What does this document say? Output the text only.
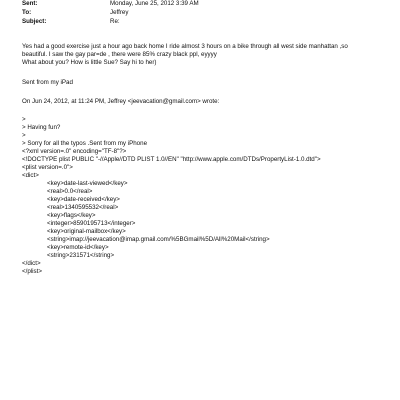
Sent:	Monday, June 25, 2012 3:39 AM
To:	Jeffrey
Subject:	Re:
Yes had a good exercise just a hour ago back home I ride almost 3 hours on a bike through all west side manhattan ,so
beautiful. I saw the gay par=de , there were 85% crazy black ppl, eyyyy
What about you? How is little Sue? Say hi to her)
Sent from my iPad
On Jun 24, 2012, at 11:24 PM, Jeffrey <jeevacation@gmail.com> wrote:
>
> Having fun?
>
> Sorry for all the typos .Sent from my iPhone
<?xml version=.0" encoding="TF-8"?>
<!DOCTYPE plist PUBLIC "-//Apple//DTD PLIST 1.0//EN" "http://www.apple.com/DTDs/PropertyList-1.0.dtd">
<plist version=.0">
<dict>
<key>date-last-viewed</key>
<real>0.0</real>
<key>date-received</key>
<real>1340595532</real>
<key>flags</key>
<integer>8590195713</integer>
<key>original-mailbox</key>
<string>imap://jeevacation@imap.gmail.com/%5BGmail%5D/All%20Mail</string>
<key>remote-id</key>
<string>231571</string>
</dict>
</plist>
